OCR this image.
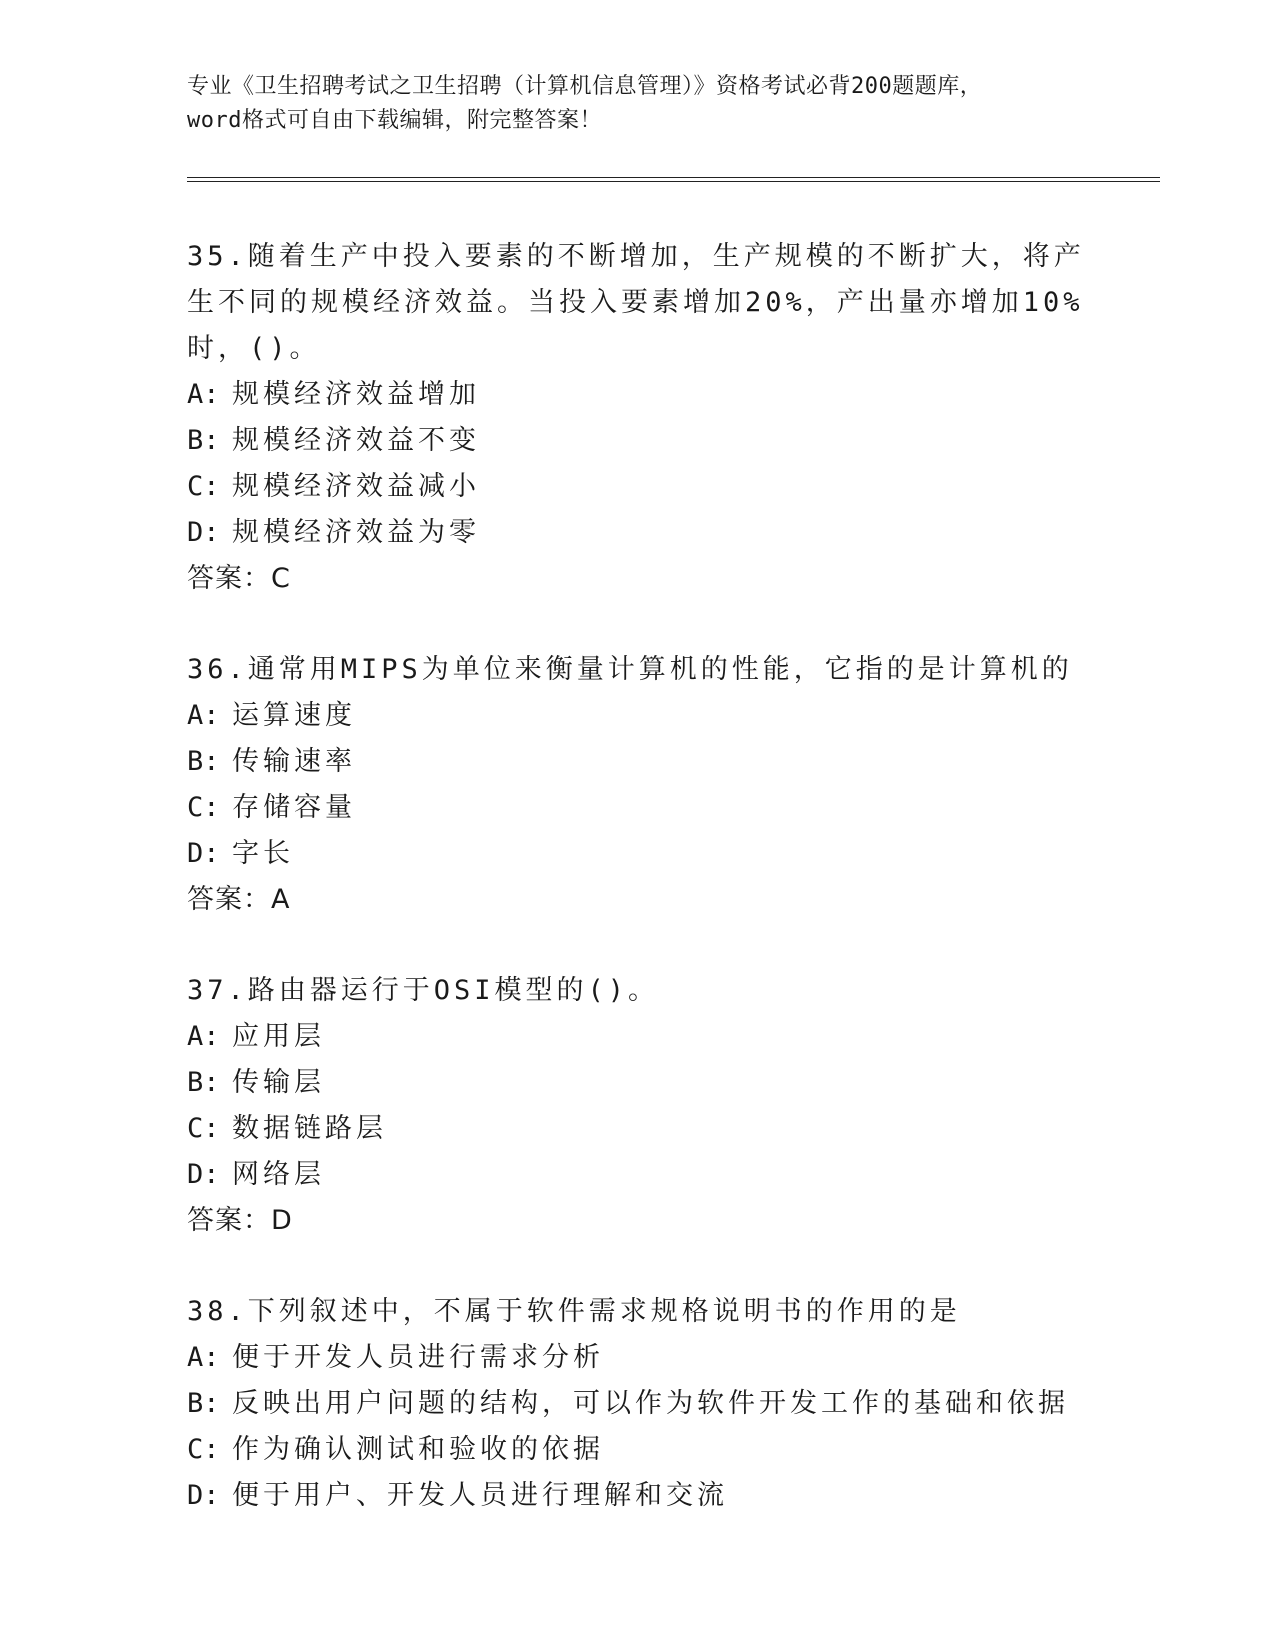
专业《卫生招聘考试之卫生招聘（计算机信息管理）》资格考试必背200题题库，
word格式可自由下载编辑，附完整答案！
35.随着生产中投入要素的不断增加，生产规模的不断扩大，将产生不同的规模经济效益。当投入要素增加20%，产出量亦增加10%时，()。
A: 规模经济效益增加
B: 规模经济效益不变
C: 规模经济效益减小
D: 规模经济效益为零
答案：C
36.通常用MIPS为单位来衡量计算机的性能，它指的是计算机的
A: 运算速度
B: 传输速率
C: 存储容量
D: 字长
答案：A
37.路由器运行于OSI模型的()。
A: 应用层
B: 传输层
C: 数据链路层
D: 网络层
答案：D
38.下列叙述中，不属于软件需求规格说明书的作用的是
A: 便于开发人员进行需求分析
B: 反映出用户问题的结构，可以作为软件开发工作的基础和依据
C: 作为确认测试和验收的依据
D: 便于用户、开发人员进行理解和交流
